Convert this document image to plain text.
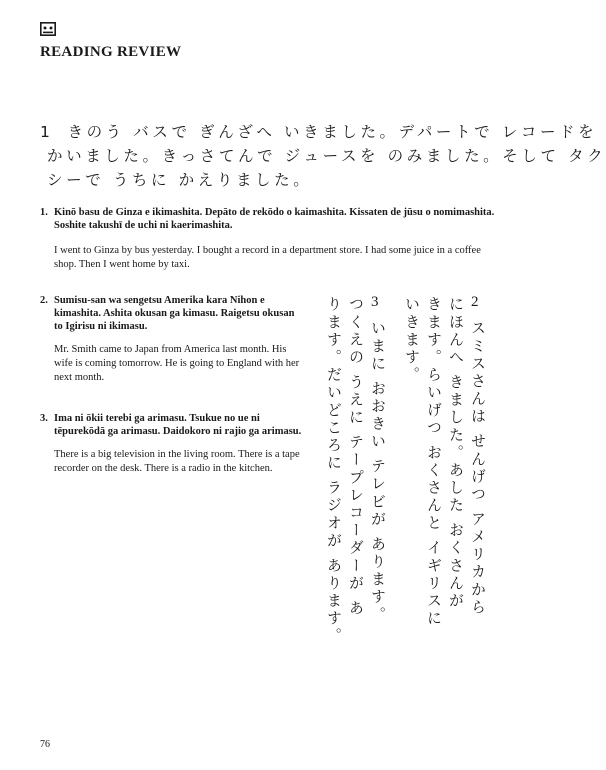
READING REVIEW
1 きのう バスで ぎんざへ いきました。デパートで レコードを
かいました。きっさてんで ジュースを のみました。そして タク
シーで うちに かえりました。
1. Kinō basu de Ginza e ikimashita. Depāto de rekōdo o kaimashita. Kissaten de jūsu o nomimashita. Soshite takushī de uchi ni kaerimashita.

I went to Ginza by bus yesterday. I bought a record in a department store. I had some juice in a coffee shop. Then I went home by taxi.

2. Sumisu-san wa sengetsu Amerika kara Nihon e kimashita. Ashita okusan ga kimasu. Raigetsu okusan to Igirisu ni ikimasu.

Mr. Smith came to Japan from America last month. His wife is coming tomorrow. He is going to England with her next month.

3. Ima ni ōkii terebi ga arimasu. Tsukue no ue ni tēpurekōdā ga arimasu. Daidokoro ni rajio ga arimasu.

There is a big television in the living room. There is a tape recorder on the desk. There is a radio in the kitchen.

2
スミスさんは せんげつ アメリカから
にほんへ きました。あした おくさんが
きます。らいげつ おくさんと イギリスに
いきます。
3
いまに おおきい テレビが あります。
つくえの うえに テープレコーダーが あ
ります。だいどころに ラジオが あります。
76
